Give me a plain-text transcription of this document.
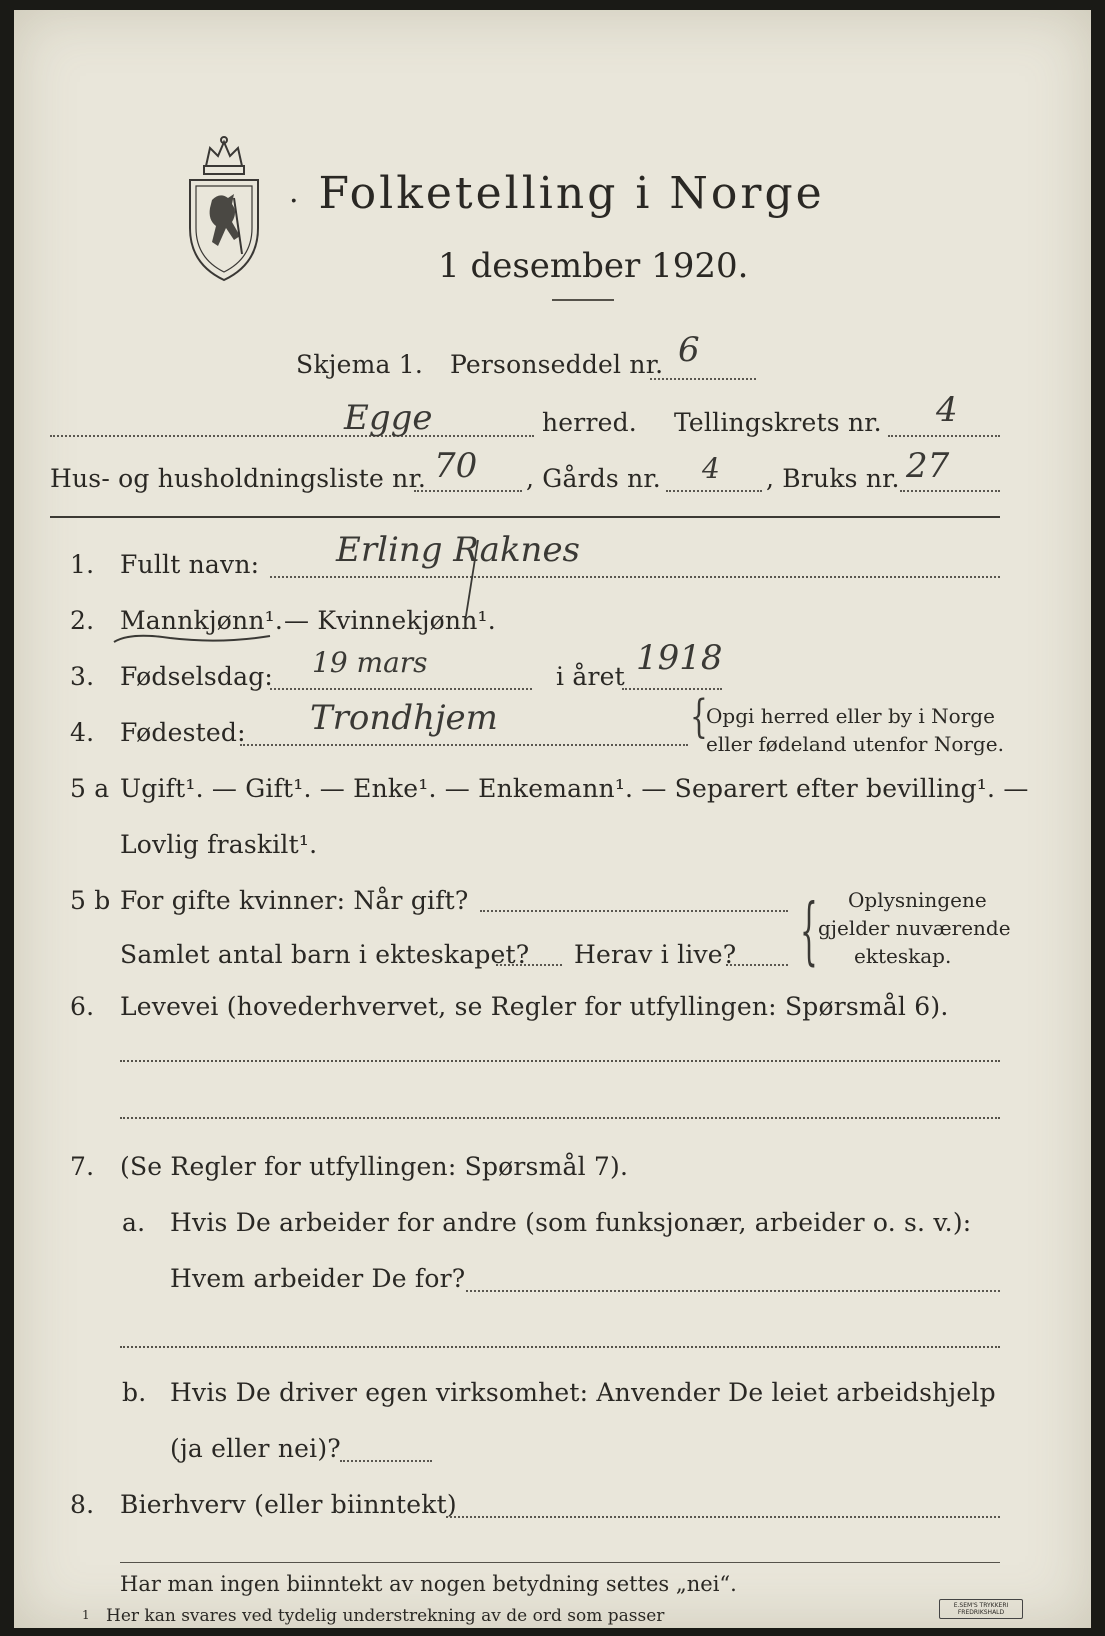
. Folketelling i Norge
1 desember 1920.
Skjema 1. Personseddel nr. 6
Egge	herred. Tellingskrets nr. 4
Hus- og husholdningsliste nr. 70 , Gårds nr. 4 , Bruks nr. 27
1. Fullt navn: Erling Raknes
2. Mannkjønn¹. — Kvinnekjønn¹.
3. Fødselsdag: 19 mars	i året 1918
4. Fødested: Trondhjem	{
Opgi herred eller by i Norge
eller fødeland utenfor Norge.
5 a Ugift¹. — Gift¹. — Enke¹. — Enkemann¹. — Separert efter bevilling¹. —
Lovlig fraskilt¹.
5 b For gifte kvinner: Når gift?
Samlet antal barn i ekteskapet? Herav i live? { Oplysningene
gjelder nuværende
ekteskap.
6. Levevei (hovederhvervet, se Regler for utfyllingen: Spørsmål 6).
7. (Se Regler for utfyllingen: Spørsmål 7).
a. Hvis De arbeider for andre (som funksjonær, arbeider o. s. v.):
Hvem arbeider De for?
b. Hvis De driver egen virksomhet: Anvender De leiet arbeidshjelp
(ja eller nei)?
8. Bierhverv (eller biinntekt)
Har man ingen biinntekt av nogen betydning settes „nei“.
1 Her kan svares ved tydelig understrekning av de ord som passer
E.SEM'S TRYKKERI FREDRIKSHALD
